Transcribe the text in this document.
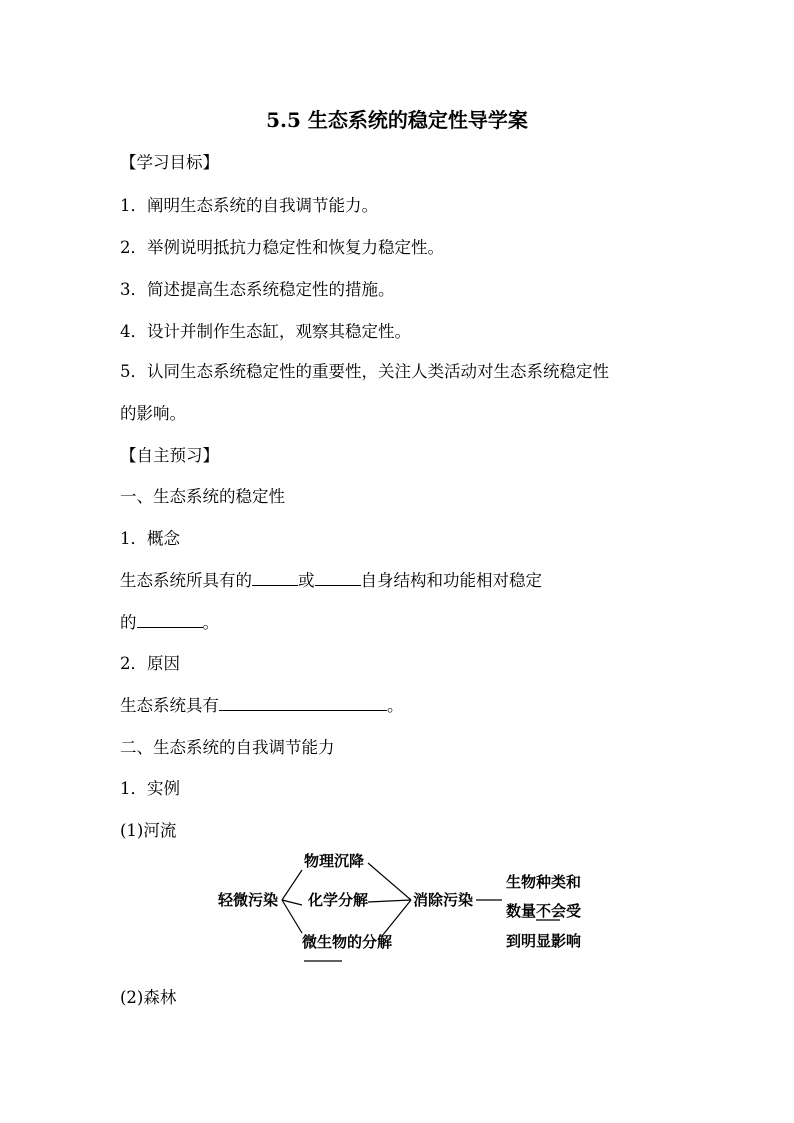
5.5 生态系统的稳定性导学案
【学习目标】
1．阐明生态系统的自我调节能力。
2．举例说明抵抗力稳定性和恢复力稳定性。
3．简述提高生态系统稳定性的措施。
4．设计并制作生态缸，观察其稳定性。
5．认同生态系统稳定性的重要性，关注人类活动对生态系统稳定性
的影响。
【自主预习】
一、生态系统的稳定性
1．概念
生态系统所具有的	或	自身结构和功能相对稳定
的	。
2．原因
生态系统具有	。
二、生态系统的自我调节能力
1．实例
(1)河流
轻微污染
物理沉降
化学分解
微生物的分解
消除污染
生物种类和
数量不会受
到明显影响
(2)森林
